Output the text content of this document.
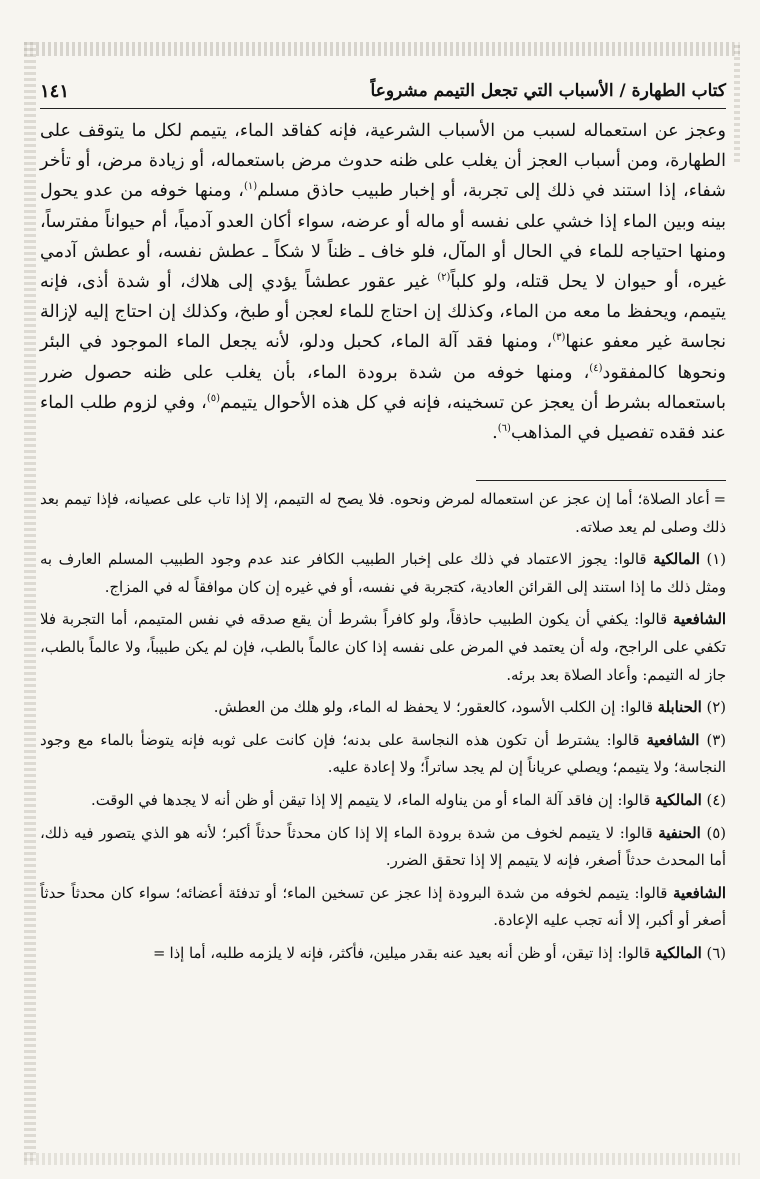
كتاب الطهارة / الأسباب التي تجعل التيمم مشروعاً
١٤١

وعجز عن استعماله لسبب من الأسباب الشرعية، فإنه كفاقد الماء، يتيمم لكل ما يتوقف على الطهارة، ومن أسباب العجز أن يغلب على ظنه حدوث مرض باستعماله، أو زيادة مرض، أو تأخر شفاء، إذا استند في ذلك إلى تجربة، أو إخبار طبيب حاذق مسلم$^{(١)}$، ومنها خوفه من عدو يحول بينه وبين الماء إذا خشي على نفسه أو ماله أو عرضه، سواء أكان العدو آدمياً، أم حيواناً مفترساً، ومنها احتياجه للماء في الحال أو المآل، فلو خاف ـ ظناً لا شكاً ـ عطش نفسه، أو عطش آدمي غيره، أو حيوان لا يحل قتله، ولو كلباً$^{(٢)}$ غير عقور عطشاً يؤدي إلى هلاك، أو شدة أذى، فإنه يتيمم، ويحفظ ما معه من الماء، وكذلك إن احتاج للماء لعجن أو طبخ، وكذلك إن احتاج إليه لإزالة نجاسة غير معفو عنها$^{(٣)}$، ومنها فقد آلة الماء، كحبل ودلو، لأنه يجعل الماء الموجود في البئر ونحوها كالمفقود$^{(٤)}$، ومنها خوفه من شدة برودة الماء، بأن يغلب على ظنه حصول ضرر باستعماله بشرط أن يعجز عن تسخينه، فإنه في كل هذه الأحوال يتيمم$^{(٥)}$، وفي لزوم طلب الماء عند فقده تفصيل في المذاهب$^{(٦)}$.

=أعاد الصلاة؛ أما إن عجز عن استعماله لمرض ونحوه. فلا يصح له التيمم، إلا إذا تاب على عصيانه، فإذا تيمم بعد ذلك وصلى لم يعد صلاته.

(١) المالكية قالوا: يجوز الاعتماد في ذلك على إخبار الطبيب الكافر عند عدم وجود الطبيب المسلم العارف به ومثل ذلك ما إذا استند إلى القرائن العادية، كتجربة في نفسه، أو في غيره إن كان موافقاً له في المزاج.

الشافعية قالوا: يكفي أن يكون الطبيب حاذقاً، ولو كافراً بشرط أن يقع صدقه في نفس المتيمم، أما التجربة فلا تكفي على الراجح، وله أن يعتمد في المرض على نفسه إذا كان عالماً بالطب، فإن لم يكن طبيباً، ولا عالماً بالطب، جاز له التيمم: وأعاد الصلاة بعد برئه.

(٢) الحنابلة قالوا: إن الكلب الأسود، كالعقور؛ لا يحفظ له الماء، ولو هلك من العطش.

(٣) الشافعية قالوا: يشترط أن تكون هذه النجاسة على بدنه؛ فإن كانت على ثوبه فإنه يتوضأ بالماء مع وجود النجاسة؛ ولا يتيمم؛ ويصلي عرياناً إن لم يجد ساتراً؛ ولا إعادة عليه.

(٤) المالكية قالوا: إن فاقد آلة الماء أو من يناوله الماء، لا يتيمم إلا إذا تيقن أو ظن أنه لا يجدها في الوقت.

(٥) الحنفية قالوا: لا يتيمم لخوف من شدة برودة الماء إلا إذا كان محدثاً حدثاً أكبر؛ لأنه هو الذي يتصور فيه ذلك، أما المحدث حدثاً أصغر، فإنه لا يتيمم إلا إذا تحقق الضرر.

الشافعية قالوا: يتيمم لخوفه من شدة البرودة إذا عجز عن تسخين الماء؛ أو تدفئة أعضائه؛ سواء كان محدثاً حدثاً أصغر أو أكبر، إلا أنه تجب عليه الإعادة.

(٦) المالكية قالوا: إذا تيقن، أو ظن أنه بعيد عنه بقدر ميلين، فأكثر، فإنه لا يلزمه طلبه، أما إذا=
